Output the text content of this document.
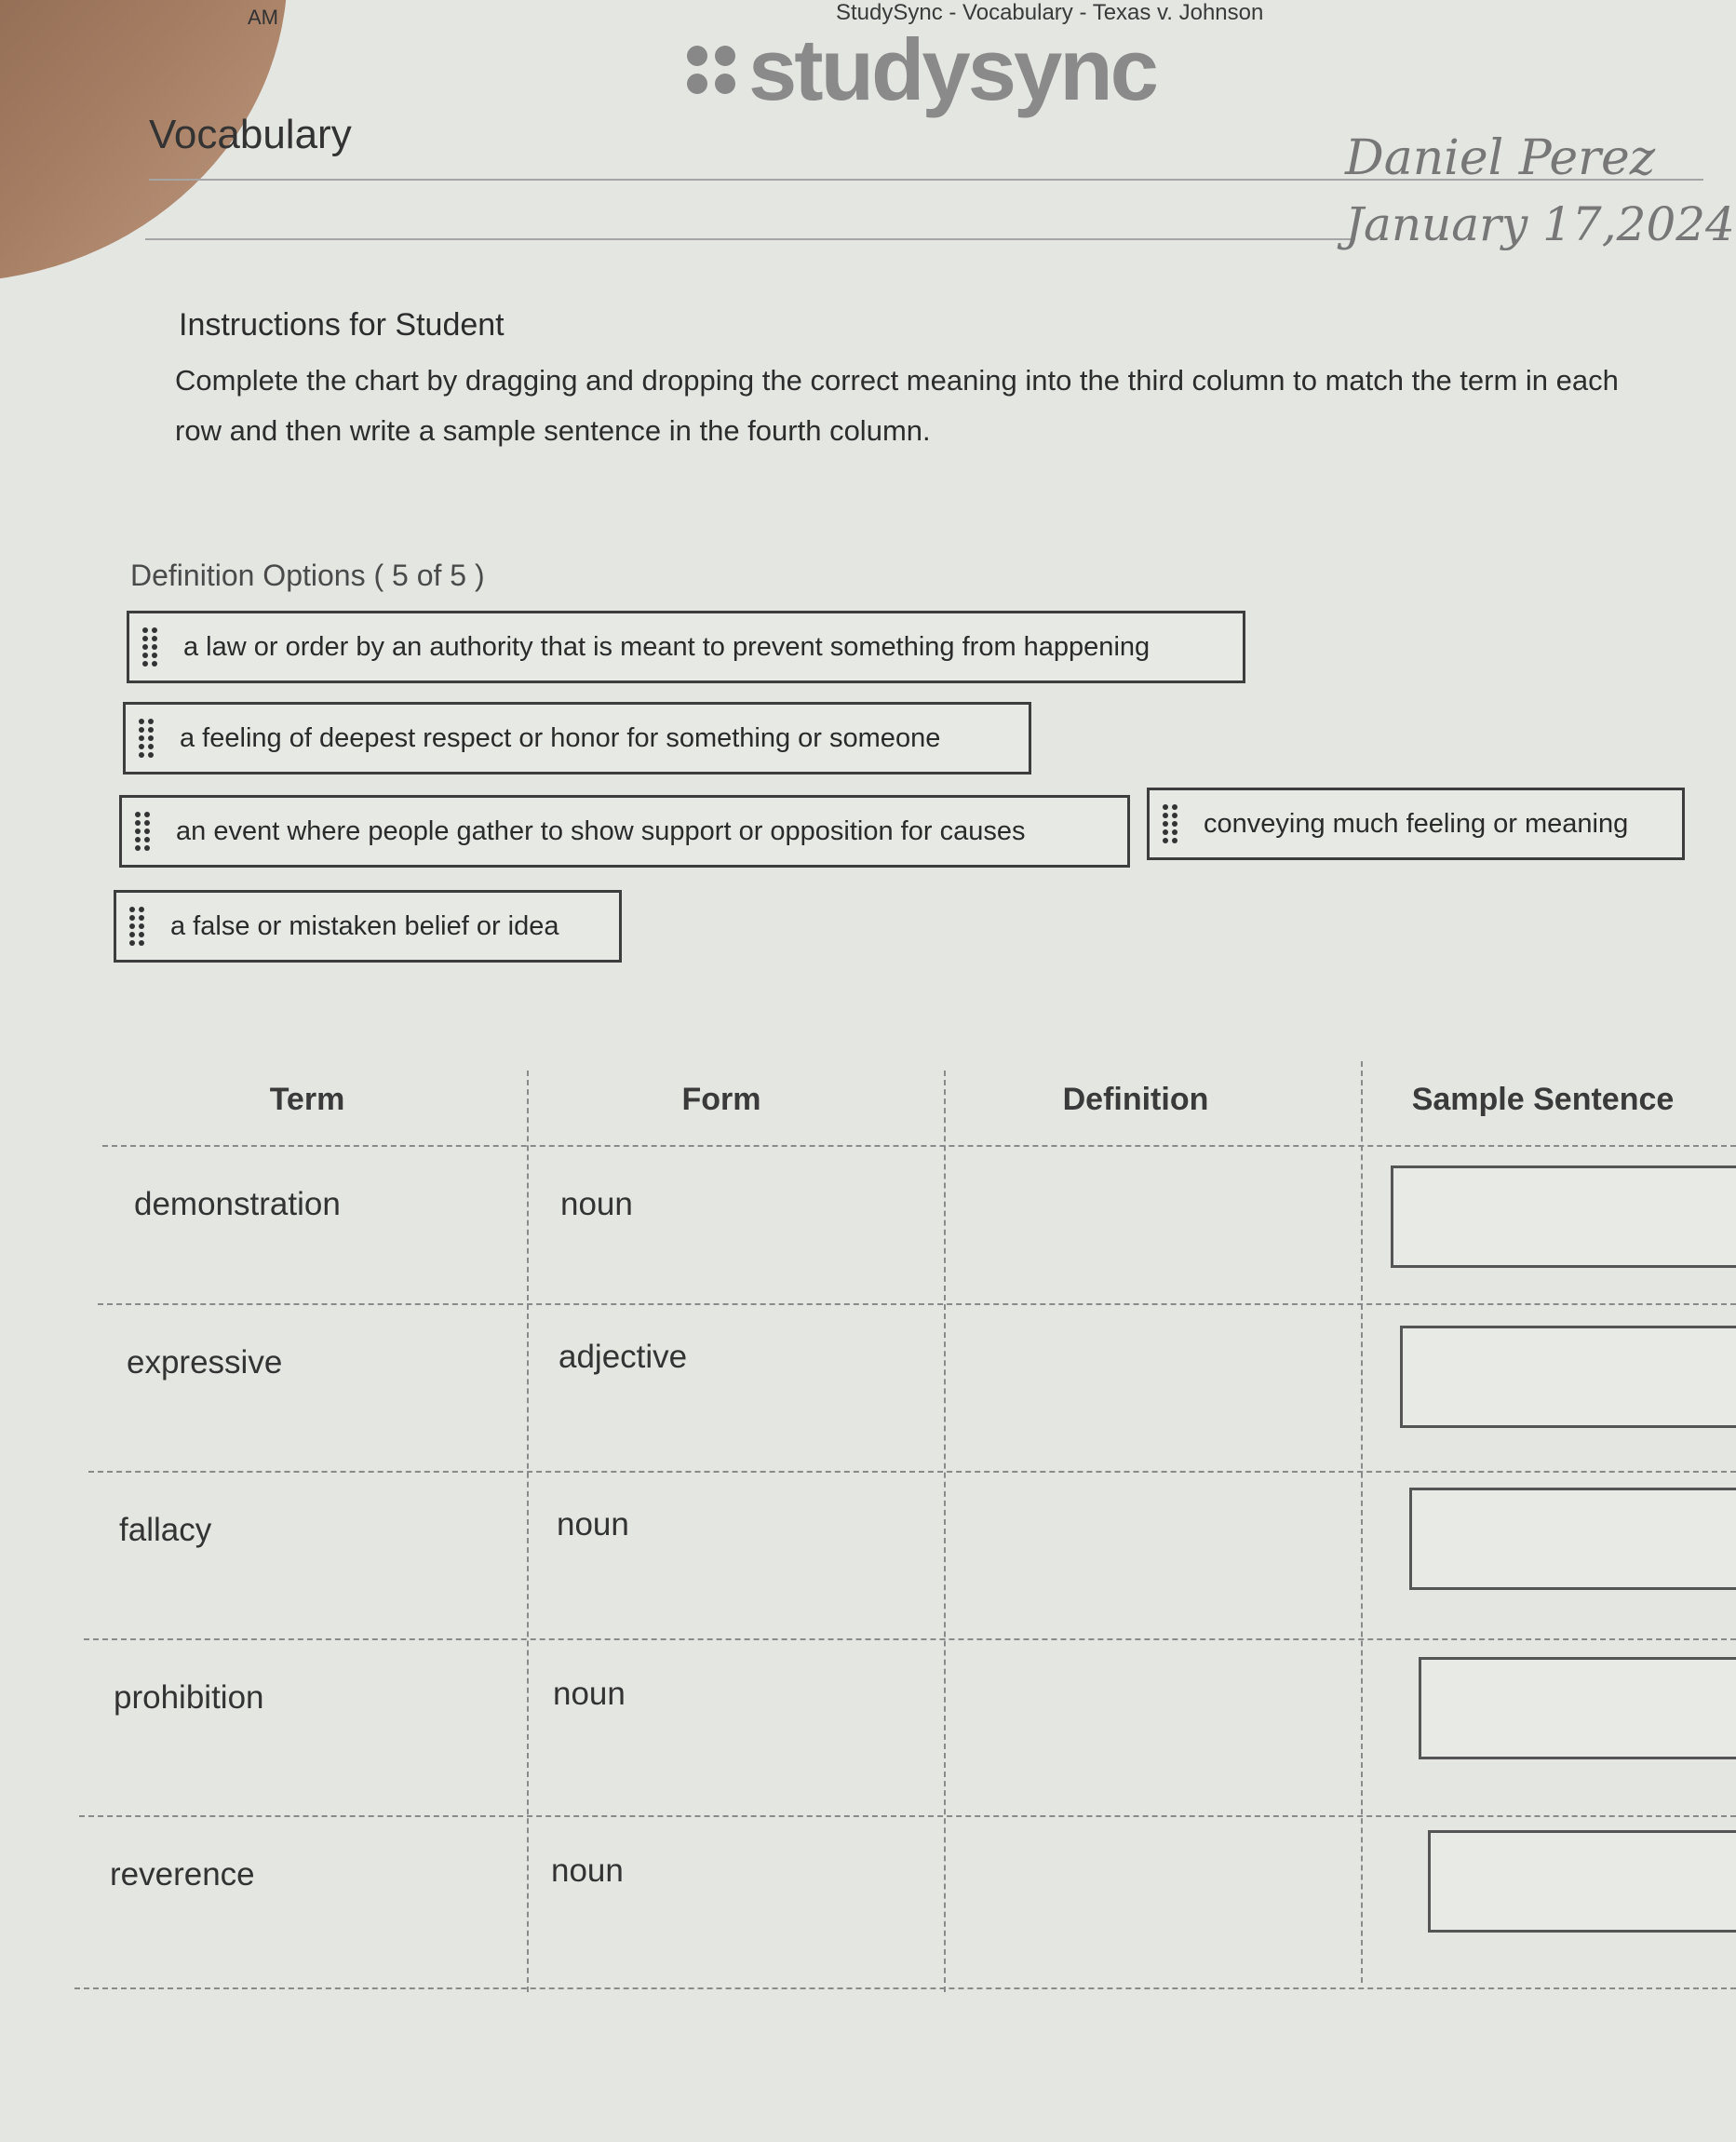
AM	StudySync - Vocabulary - Texas v. Johnson
studysync
Vocabulary	Daniel Perez
January 17,2024
Instructions for Student
Complete the chart by dragging and dropping the correct meaning into the third column to match the term in each row and then write a sample sentence in the fourth column.
Definition Options ( 5 of 5 )
a law or order by an authority that is meant to prevent something from happening
a feeling of deepest respect or honor for something or someone
an event where people gather to show support or opposition for causes	conveying much feeling or meaning
a false or mistaken belief or idea
Term	Form	Definition	Sample Sentence
demonstration	noun
expressive	adjective
fallacy	noun
prohibition	noun
reverence	noun
